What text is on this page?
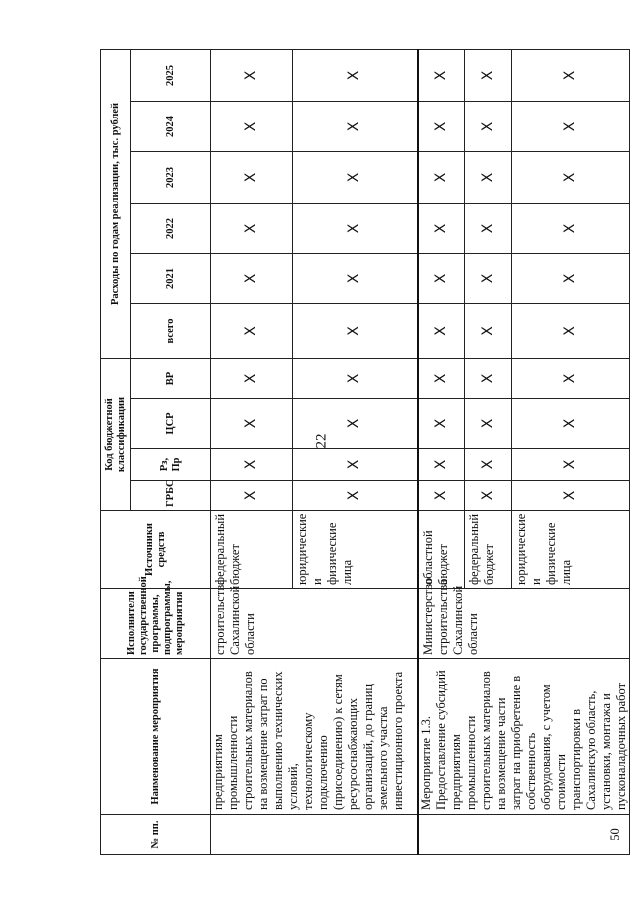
22
№ пп.	Наименование мероприятия	Исполнители государственной программы, подпрограммы, мероприятия	Источники средств	Код бюджетной классификации				Расходы по годам реализации, тыс. рублей					
				ГРБС	Рз, Пр	ЦСР	ВР	всего	2021	2022	2023	2024	2025
	предприятиям промышленности строительных материалов на возмещение затрат по выполнению технических условий, технологическому подключению (присоединению) к сетям ресурсоснабжающих организаций, до границ земельного участка инвестиционного проекта	строительства Сахалинской области	федеральный бюджет	Х	Х	Х	Х	Х	Х	Х	Х	Х	Х
			юридические и физические лица	Х	Х	Х	Х	Х	Х	Х	Х	Х	Х
50	Мероприятие 1.3. Предоставление субсидий предприятиям промышленности строительных материалов на возмещение части затрат на приобретение в собственность оборудования, с учетом стоимости транспортировки в Сахалинскую область, установки, монтажа и пусконаладочных работ	Министерство строительства Сахалинской области	областной бюджет	Х	Х	Х	Х	Х	Х	Х	Х	Х	Х
			федеральный бюджет	Х	Х	Х	Х	Х	Х	Х	Х	Х	Х
			юридические и физические лица	Х	Х	Х	Х	Х	Х	Х	Х	Х	Х
